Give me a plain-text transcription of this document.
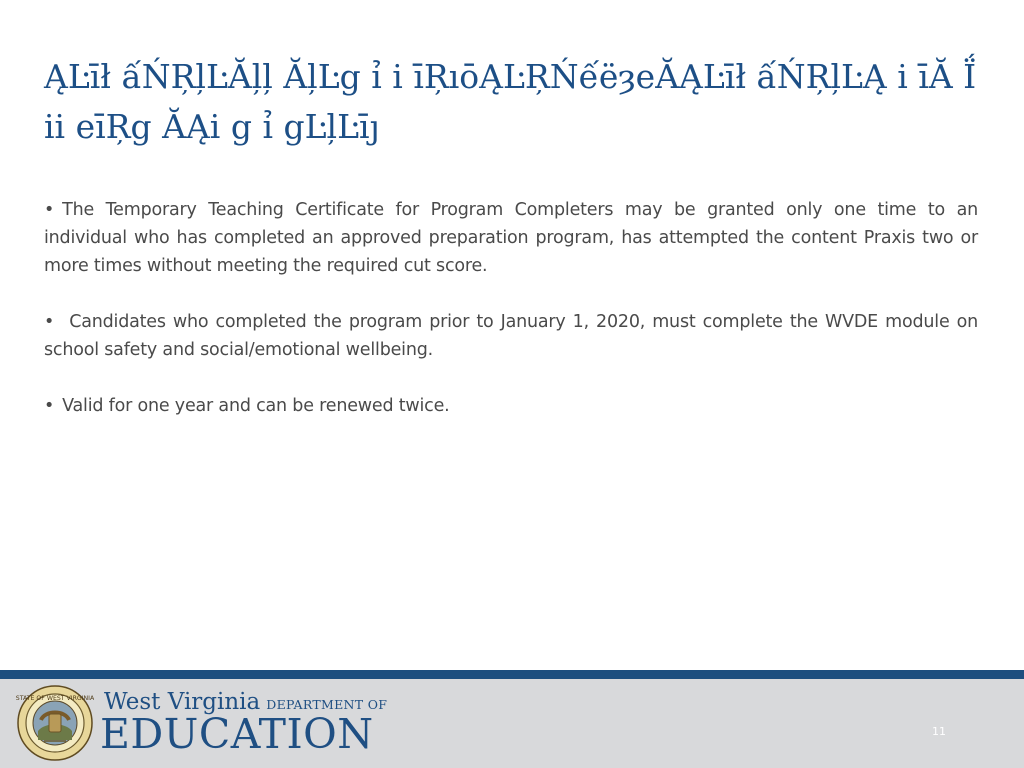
ĄĿīł ấŃŖļĿĂļļ ĂļĿg ỉ i īŖıōĄĿŖŃếëȝeĂĄĿīł ấŃŖļĿĄ i īĂ Ḯ ii eīŖg ĂĄi g ỉ gĿļĿīȷ

• The Temporary Teaching Certificate for Program Completers may be granted only one time to an individual who has completed an approved preparation program, has attempted the content Praxis two or more times without meeting the required cut score.

• Candidates who completed the program prior to January 1, 2020, must complete the WVDE module on school safety and social/emotional wellbeing.

• Valid for one year and can be renewed twice.

STATE OF WEST VIRGINIA West Virginia DEPARTMENT OF
EDUCATION	11
